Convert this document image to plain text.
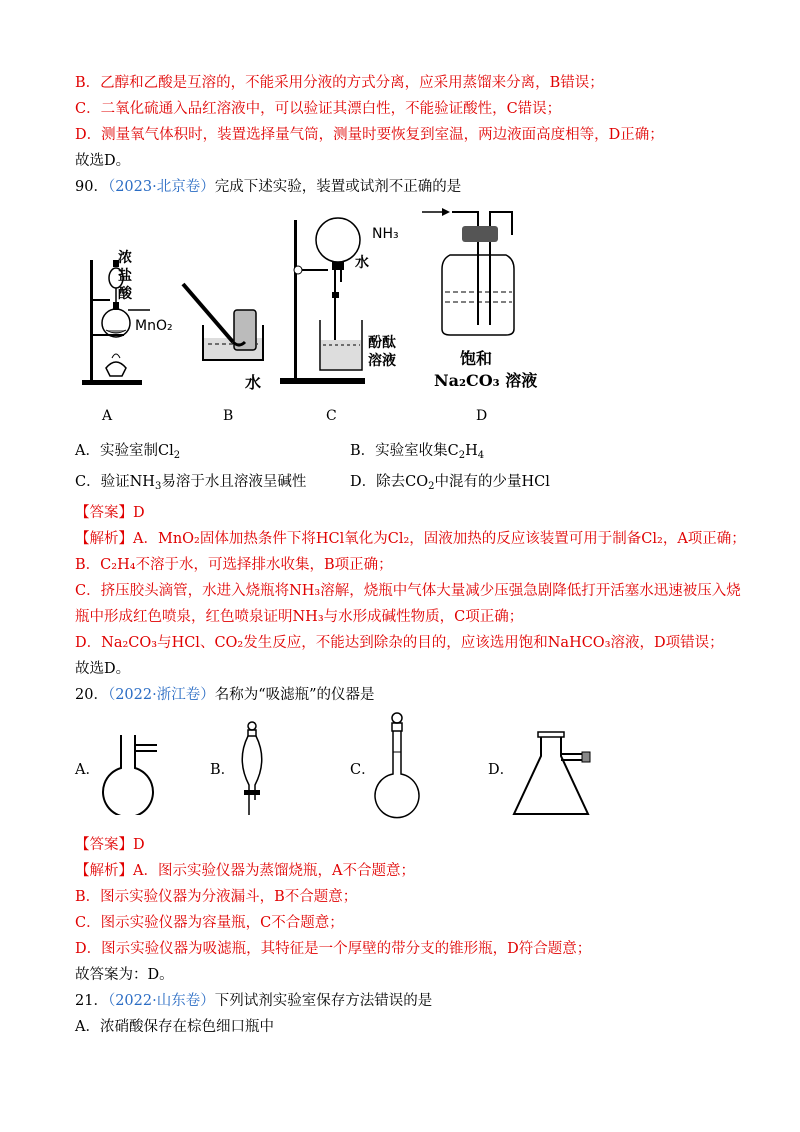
B．乙醇和乙酸是互溶的，不能采用分液的方式分离，应采用蒸馏来分离，B错误；
C．二氧化硫通入品红溶液中，可以验证其漂白性，不能验证酸性，C错误；
D．测量氧气体积时，装置选择量气筒，测量时要恢复到室温，两边液面高度相等，D正确；
故选D。
90．（2023·北京卷）完成下述实验，装置或试剂不正确的是
浓
盐
酸
MnO₂
水
NH₃
水
酚酞
溶液	饱和
Na₂CO₃ 溶液
A	B	C	D
A．实验室制$Cl_2$	B．实验室收集$C_2H_4$
C．验证$NH_3$易溶于水且溶液呈碱性	D．除去$CO_2$中混有的少量HCl
【答案】D
【解析】A．MnO₂固体加热条件下将HCl氧化为Cl₂，固液加热的反应该装置可用于制备Cl₂，A项正确；
B．C₂H₄不溶于水，可选择排水收集，B项正确；
C．挤压胶头滴管，水进入烧瓶将NH₃溶解，烧瓶中气体大量减少压强急剧降低打开活塞水迅速被压入烧
瓶中形成红色喷泉，红色喷泉证明NH₃与水形成碱性物质，C项正确；
D．Na₂CO₃与HCl、CO₂发生反应，不能达到除杂的目的，应该选用饱和NaHCO₃溶液，D项错误；
故选D。
20．（2022·浙江卷）名称为“吸滤瓶”的仪器是
A．	B．	C．	D．
【答案】D
【解析】A．图示实验仪器为蒸馏烧瓶，A不合题意；
B．图示实验仪器为分液漏斗，B不合题意；
C．图示实验仪器为容量瓶，C不合题意；
D．图示实验仪器为吸滤瓶，其特征是一个厚壁的带分支的锥形瓶，D符合题意；
故答案为：D。
21．（2022·山东卷）下列试剂实验室保存方法错误的是
A．浓硝酸保存在棕色细口瓶中
